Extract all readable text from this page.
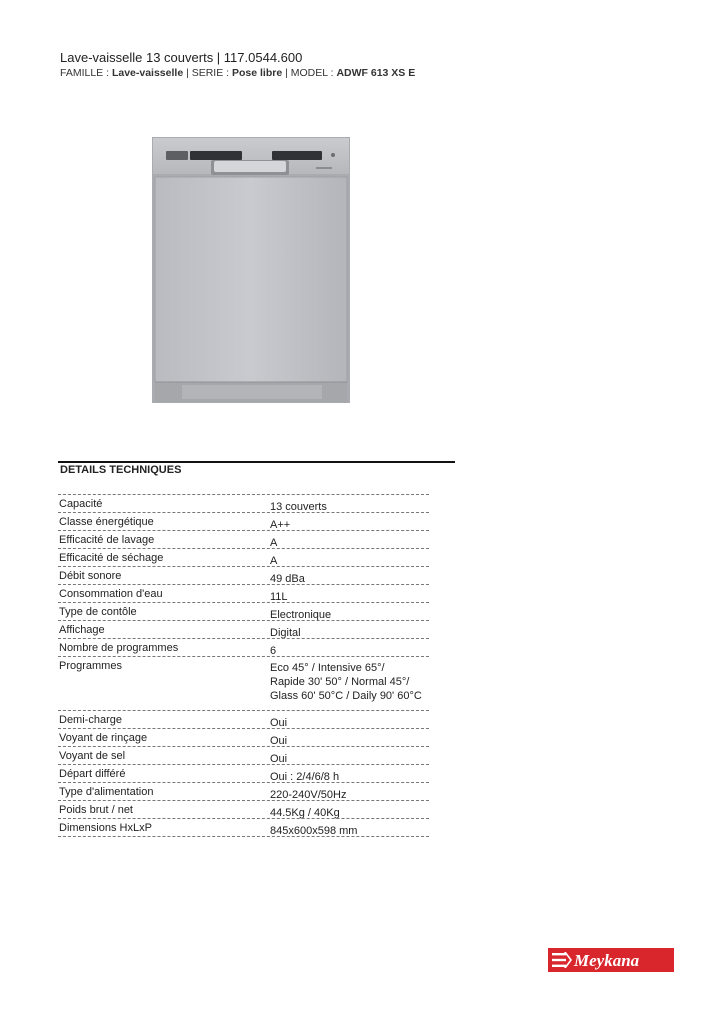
Lave-vaisselle 13 couverts | 117.0544.600
FAMILLE : Lave-vaisselle | SERIE : Pose libre | MODEL : ADWF 613 XS E
DETAILS TECHNIQUES
Capacité	13 couverts
Classe énergétique	A++
Efficacité de lavage	A
Efficacité de séchage	A
Débit sonore	49 dBa
Consommation d'eau	11L
Type de contôle	Electronique
Affichage	Digital
Nombre de programmes	6
Programmes	Eco 45° / Intensive 65°/
Rapide 30' 50° / Normal 45°/
Glass 60' 50°C / Daily 90' 60°C
Demi-charge	Oui
Voyant de rinçage	Oui
Voyant de sel	Oui
Départ différé	Oui : 2/4/6/8 h
Type d'alimentation	220-240V/50Hz
Poids brut / net	44.5Kg / 40Kg
Dimensions HxLxP	845x600x598 mm
Meykana
